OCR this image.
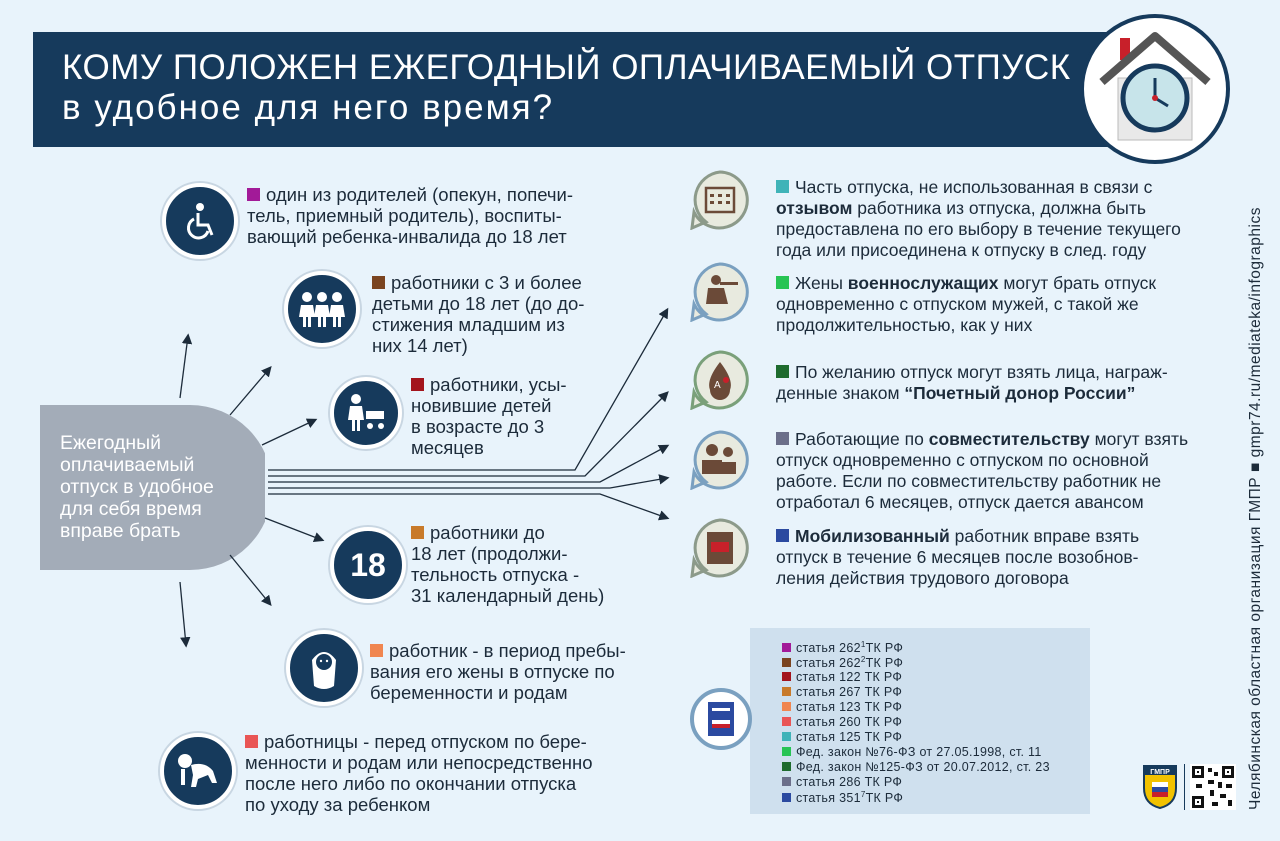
КОМУ ПОЛОЖЕН ЕЖЕГОДНЫЙ ОПЛАЧИВАЕМЫЙ ОТПУСК
в удобное для него время?
Ежегодный
оплачиваемый
отпуск в удобное
для себя время
вправе брать
18
один из родителей (опекун, попечи-
тель, приемный родитель), воспиты-
вающий ребенка-инвалида до 18 лет
работники с 3 и более
детьми до 18 лет (до до-
стижения младшим из
них 14 лет)
работники, усы-
новившие детей
в возрасте до 3
месяцев
работники до
18 лет (продолжи-
тельность отпуска -
31 календарный день)
работник - в период пребы-
вания его жены в отпуске по
беременности и родам
работницы - перед отпуском по бере-
менности и родам или непосредственно
после него либо по окончании отпуска
по уходу за ребенком
A
Часть отпуска, не использованная в связи с
отзывом работника из отпуска, должна быть
предоставлена по его выбору в течение текущего
года или присоединена к отпуску в след. году
Жены военнослужащих могут брать отпуск
одновременно с отпуском мужей, с такой же
продолжительностью, как у них
По желанию отпуск могут взять лица, награж-
денные знаком “Почетный донор России”
Работающие по совместительству могут взять
отпуск одновременно с отпуском по основной
работе. Если по совместительству работник не
отработал 6 месяцев, отпуск дается авансом
Мобилизованный работник вправе взять
отпуск в течение 6 месяцев после возобнов-
ления действия трудового договора
статья $262^1ТК$ РФ
статья $262^2ТК$ РФ
статья 122 ТК РФ
статья 267 ТК РФ
статья 123 ТК РФ
статья 260 ТК РФ
статья 125 ТК РФ
Фед. закон №76-ФЗ от 27.05.1998, ст. 11
Фед. закон №125-ФЗ от 20.07.2012, ст. 23
статья 286 ТК РФ
статья $351^7ТК$ РФ
ГМПР	Челябинская областная организация ГМПР ■ gmpr74.ru/mediateka/infographics
